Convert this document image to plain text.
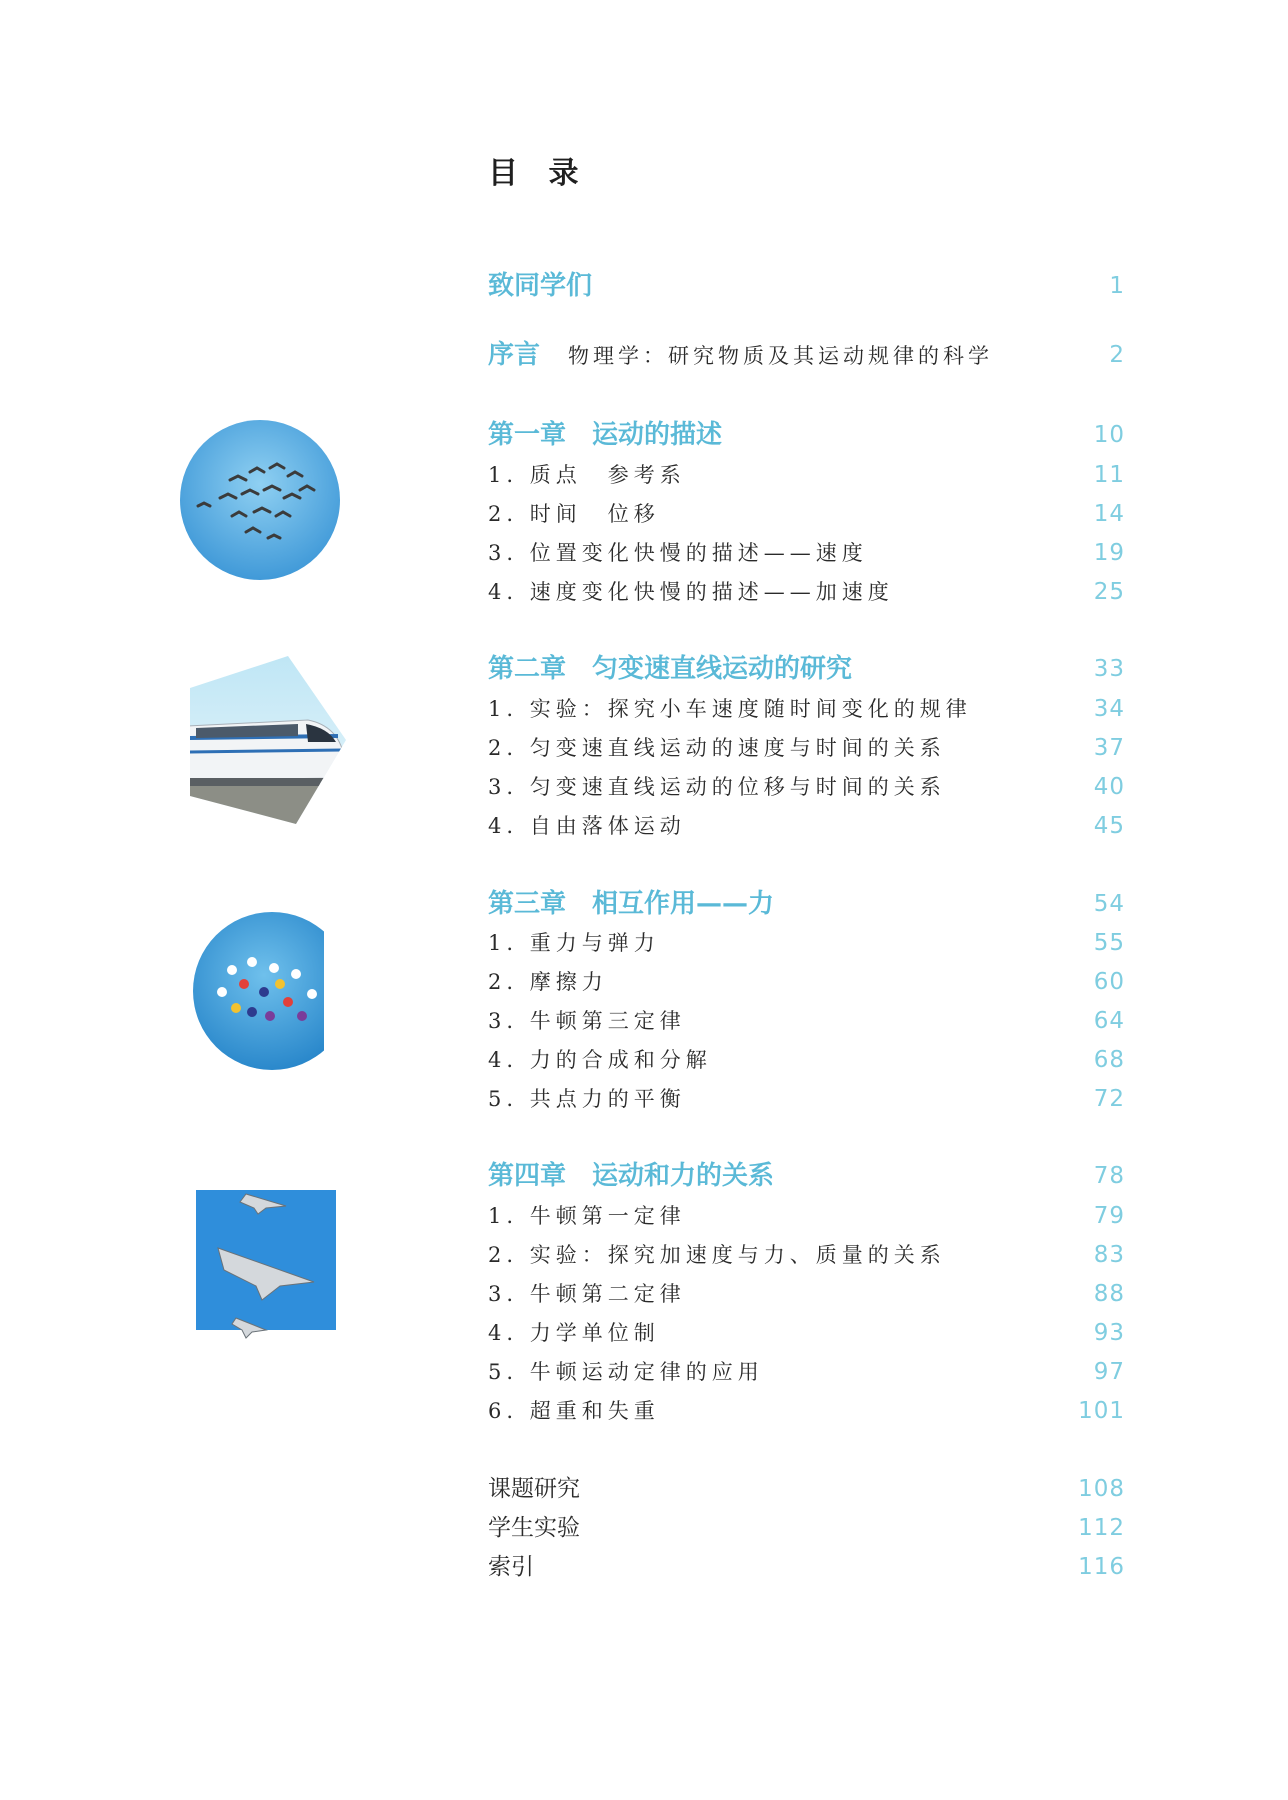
目 录
致同学们	1
序言 物理学：研究物质及其运动规律的科学	2
第一章　运动的描述	10
1. 质点　参考系	11
2. 时间　位移	14
3. 位置变化快慢的描述——速度	19
4. 速度变化快慢的描述——加速度	25
第二章　匀变速直线运动的研究	33
1. 实验：探究小车速度随时间变化的规律	34
2. 匀变速直线运动的速度与时间的关系	37
3. 匀变速直线运动的位移与时间的关系	40
4. 自由落体运动	45
第三章　相互作用——力	54
1. 重力与弹力	55
2. 摩擦力	60
3. 牛顿第三定律	64
4. 力的合成和分解	68
5. 共点力的平衡	72
第四章　运动和力的关系	78
1. 牛顿第一定律	79
2. 实验：探究加速度与力、质量的关系	83
3. 牛顿第二定律	88
4. 力学单位制	93
5. 牛顿运动定律的应用	97
6. 超重和失重	101
课题研究	108
学生实验	112
索引	116
